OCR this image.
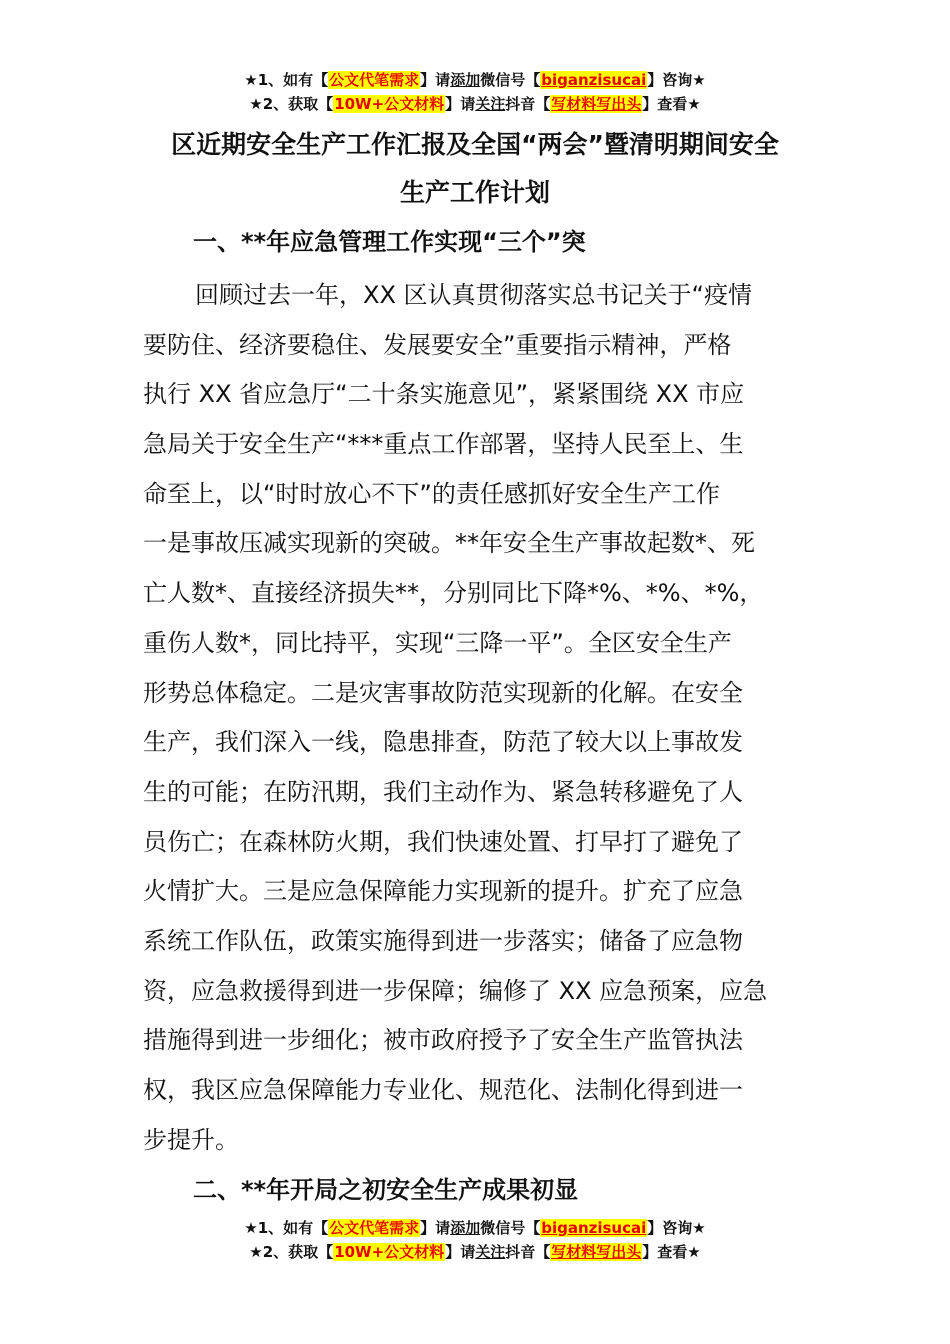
★1、如有【公文代笔需求】请添加微信号【biganzisucai】咨询★
★2、获取【10W+公文材料】请关注抖音【写材料写出头】查看★
区近期安全生产工作汇报及全国“两会”暨清明期间安全
生产工作计划
一、**年应急管理工作实现“三个”突
回顾过去一年，XX 区认真贯彻落实总书记关于“疫情
要防住、经济要稳住、发展要安全”重要指示精神，严格
执行 XX 省应急厅“二十条实施意见”，紧紧围绕 XX 市应
急局关于安全生产“***重点工作部署，坚持人民至上、生
命至上，以“时时放心不下”的责任感抓好安全生产工作
一是事故压减实现新的突破。**年安全生产事故起数*、死
亡人数*、直接经济损失**，分别同比下降*%、*%、*%，
重伤人数*，同比持平，实现“三降一平”。全区安全生产
形势总体稳定。二是灾害事故防范实现新的化解。在安全
生产，我们深入一线，隐患排查，防范了较大以上事故发
生的可能；在防汛期，我们主动作为、紧急转移避免了人
员伤亡；在森林防火期，我们快速处置、打早打了避免了
火情扩大。三是应急保障能力实现新的提升。扩充了应急
系统工作队伍，政策实施得到进一步落实；储备了应急物
资，应急救援得到进一步保障；编修了 XX 应急预案，应急
措施得到进一步细化；被市政府授予了安全生产监管执法
权，我区应急保障能力专业化、规范化、法制化得到进一
步提升。
二、**年开局之初安全生产成果初显
★1、如有【公文代笔需求】请添加微信号【biganzisucai】咨询★
★2、获取【10W+公文材料】请关注抖音【写材料写出头】查看★
